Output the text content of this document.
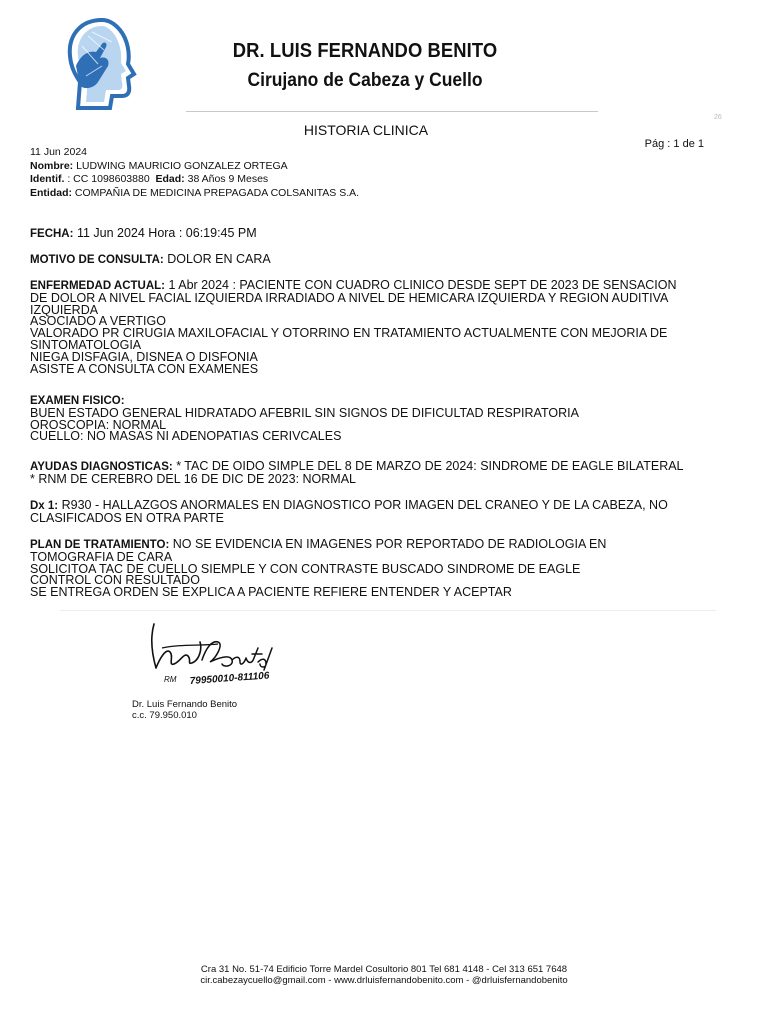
DR. LUIS FERNANDO BENITO
Cirujano de Cabeza y Cuello
26
HISTORIA CLINICA
Pág : 1 de 1
11 Jun 2024
Nombre: LUDWING MAURICIO GONZALEZ ORTEGA
Identif. : CC 1098603880 Edad: 38 Años 9 Meses
Entidad: COMPAÑIA DE MEDICINA PREPAGADA COLSANITAS S.A.
FECHA: 11 Jun 2024 Hora : 06:19:45 PM
MOTIVO DE CONSULTA: DOLOR EN CARA
ENFERMEDAD ACTUAL: 1 Abr 2024 : PACIENTE CON CUADRO CLINICO DESDE SEPT DE 2023 DE SENSACION
DE DOLOR A NIVEL FACIAL IZQUIERDA IRRADIADO A NIVEL DE HEMICARA IZQUIERDA Y REGION AUDITIVA
IZQUIERDA
ASOCIADO A VERTIGO
VALORADO PR CIRUGIA MAXILOFACIAL Y OTORRINO EN TRATAMIENTO ACTUALMENTE CON MEJORIA DE
SINTOMATOLOGIA
NIEGA DISFAGIA, DISNEA O DISFONIA
ASISTE A CONSULTA CON EXAMENES
EXAMEN FISICO:
BUEN ESTADO GENERAL HIDRATADO AFEBRIL SIN SIGNOS DE DIFICULTAD RESPIRATORIA
OROSCOPIA: NORMAL
CUELLO: NO MASAS NI ADENOPATIAS CERIVCALES
AYUDAS DIAGNOSTICAS: * TAC DE OIDO SIMPLE DEL 8 DE MARZO DE 2024: SINDROME DE EAGLE BILATERAL
* RNM DE CEREBRO DEL 16 DE DIC DE 2023: NORMAL
Dx 1: R930 - HALLAZGOS ANORMALES EN DIAGNOSTICO POR IMAGEN DEL CRANEO Y DE LA CABEZA, NO
CLASIFICADOS EN OTRA PARTE
PLAN DE TRATAMIENTO: NO SE EVIDENCIA EN IMAGENES POR REPORTADO DE RADIOLOGIA EN
TOMOGRAFIA DE CARA
SOLICITOA TAC DE CUELLO SIEMPLE Y CON CONTRASTE BUSCADO SINDROME DE EAGLE
CONTROL CON RESULTADO
SE ENTREGA ORDEN SE EXPLICA A PACIENTE REFIERE ENTENDER Y ACEPTAR
RM 79950010-811106
Dr. Luis Fernando Benito
c.c. 79.950.010
Cra 31 No. 51-74 Edificio Torre Mardel Cosultorio 801 Tel 681 4148 - Cel 313 651 7648
cir.cabezaycuello@gmail.com - www.drluisfernandobenito.com - @drluisfernandobenito
